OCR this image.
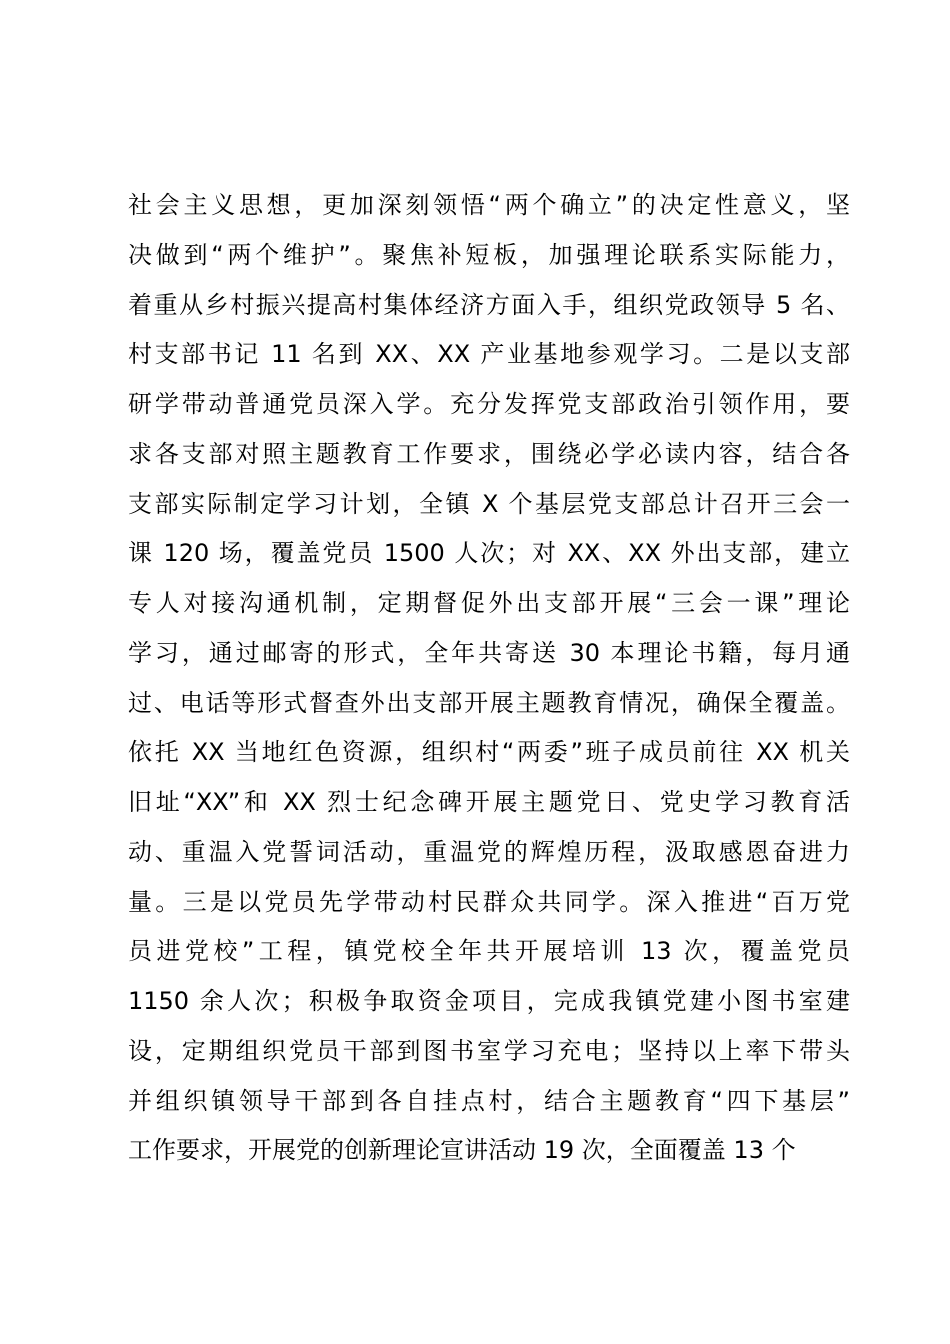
社会主义思想，更加深刻领悟“两个确立”的决定性意义，坚
决做到“两个维护”。聚焦补短板，加强理论联系实际能力，
着重从乡村振兴提高村集体经济方面入手，组织党政领导 5 名、
村支部书记 11 名到 XX、XX 产业基地参观学习。二是以支部
研学带动普通党员深入学。充分发挥党支部政治引领作用，要
求各支部对照主题教育工作要求，围绕必学必读内容，结合各
支部实际制定学习计划，全镇 X 个基层党支部总计召开三会一
课 120 场，覆盖党员 1500 人次；对 XX、XX 外出支部，建立
专人对接沟通机制，定期督促外出支部开展“三会一课”理论
学习，通过邮寄的形式，全年共寄送 30 本理论书籍，每月通
过、电话等形式督查外出支部开展主题教育情况，确保全覆盖。
依托 XX 当地红色资源，组织村“两委”班子成员前往 XX 机关
旧址“XX”和 XX 烈士纪念碑开展主题党日、党史学习教育活
动、重温入党誓词活动，重温党的辉煌历程，汲取感恩奋进力
量。三是以党员先学带动村民群众共同学。深入推进“百万党
员进党校”工程，镇党校全年共开展培训 13 次，覆盖党员
1150 余人次；积极争取资金项目，完成我镇党建小图书室建
设，定期组织党员干部到图书室学习充电；坚持以上率下带头
并组织镇领导干部到各自挂点村，结合主题教育“四下基层”
工作要求，开展党的创新理论宣讲活动 19 次，全面覆盖 13 个
